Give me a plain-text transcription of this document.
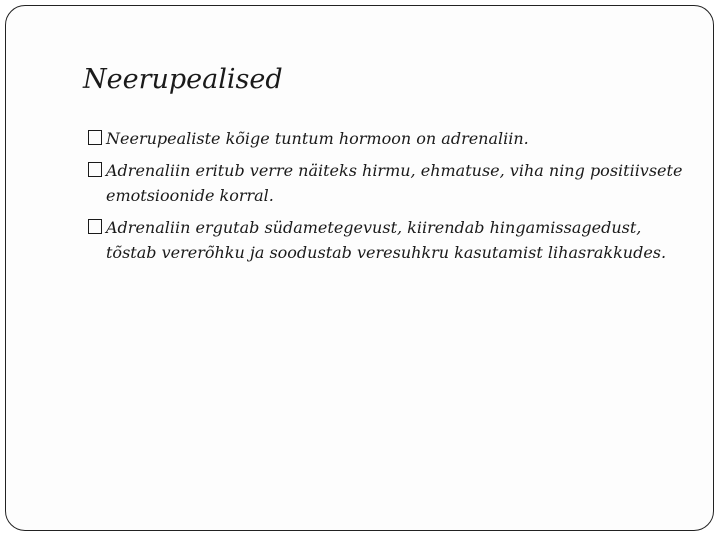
Neerupealised
Neerupealiste kõige tuntum hormoon on adrenaliin.
Adrenaliin eritub verre näiteks hirmu, ehmatuse, viha ning positiivsete emotsioonide korral.
Adrenaliin ergutab südametegevust, kiirendab hingamissagedust, tõstab vererõhku ja soodustab veresuhkru kasutamist lihasrakkudes.
